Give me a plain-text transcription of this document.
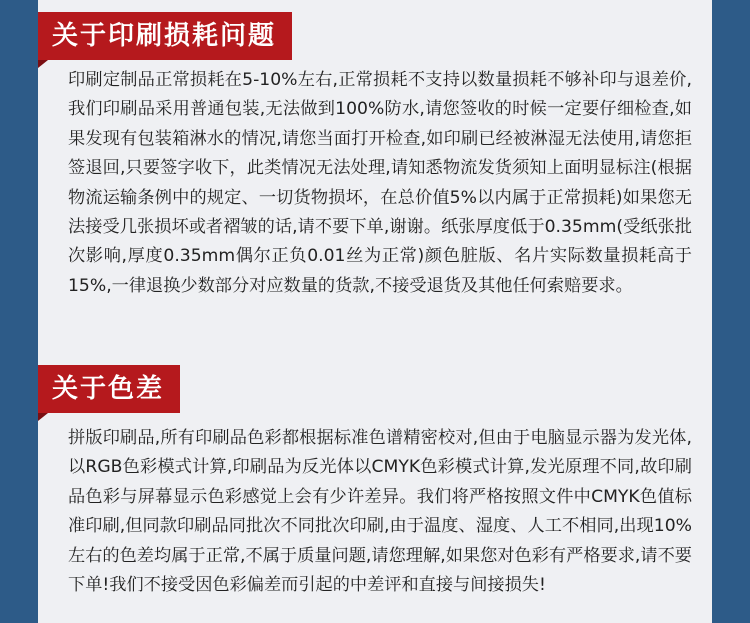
关于印刷损耗问题

印刷定制品正常损耗在5-10%左右,正常损耗不支持以数量损耗不够补印与退差价,我们印刷品采用普通包装,无法做到100%防水,请您签收的时候一定要仔细检查,如果发现有包装箱淋水的情况,请您当面打开检查,如印刷已经被淋湿无法使用,请您拒签退回,只要签字收下，此类情况无法处理,请知悉物流发货须知上面明显标注(根据物流运输条例中的规定、一切货物损坏，在总价值5%以内属于正常损耗)如果您无法接受几张损坏或者褶皱的话,请不要下单,谢谢。纸张厚度低于0.35mm(受纸张批次影响,厚度0.35mm偶尔正负0.01丝为正常)颜色脏版、名片实际数量损耗高于15%,一律退换少数部分对应数量的货款,不接受退货及其他任何索赔要求。

关于色差

拼版印刷品,所有印刷品色彩都根据标准色谱精密校对,但由于电脑显示器为发光体,以RGB色彩模式计算,印刷品为反光体以CMYK色彩模式计算,发光原理不同,故印刷品色彩与屏幕显示色彩感觉上会有少许差异。我们将严格按照文件中CMYK色值标准印刷,但同款印刷品同批次不同批次印刷,由于温度、湿度、人工不相同,出现10%左右的色差均属于正常,不属于质量问题,请您理解,如果您对色彩有严格要求,请不要下单!我们不接受因色彩偏差而引起的中差评和直接与间接损失!
